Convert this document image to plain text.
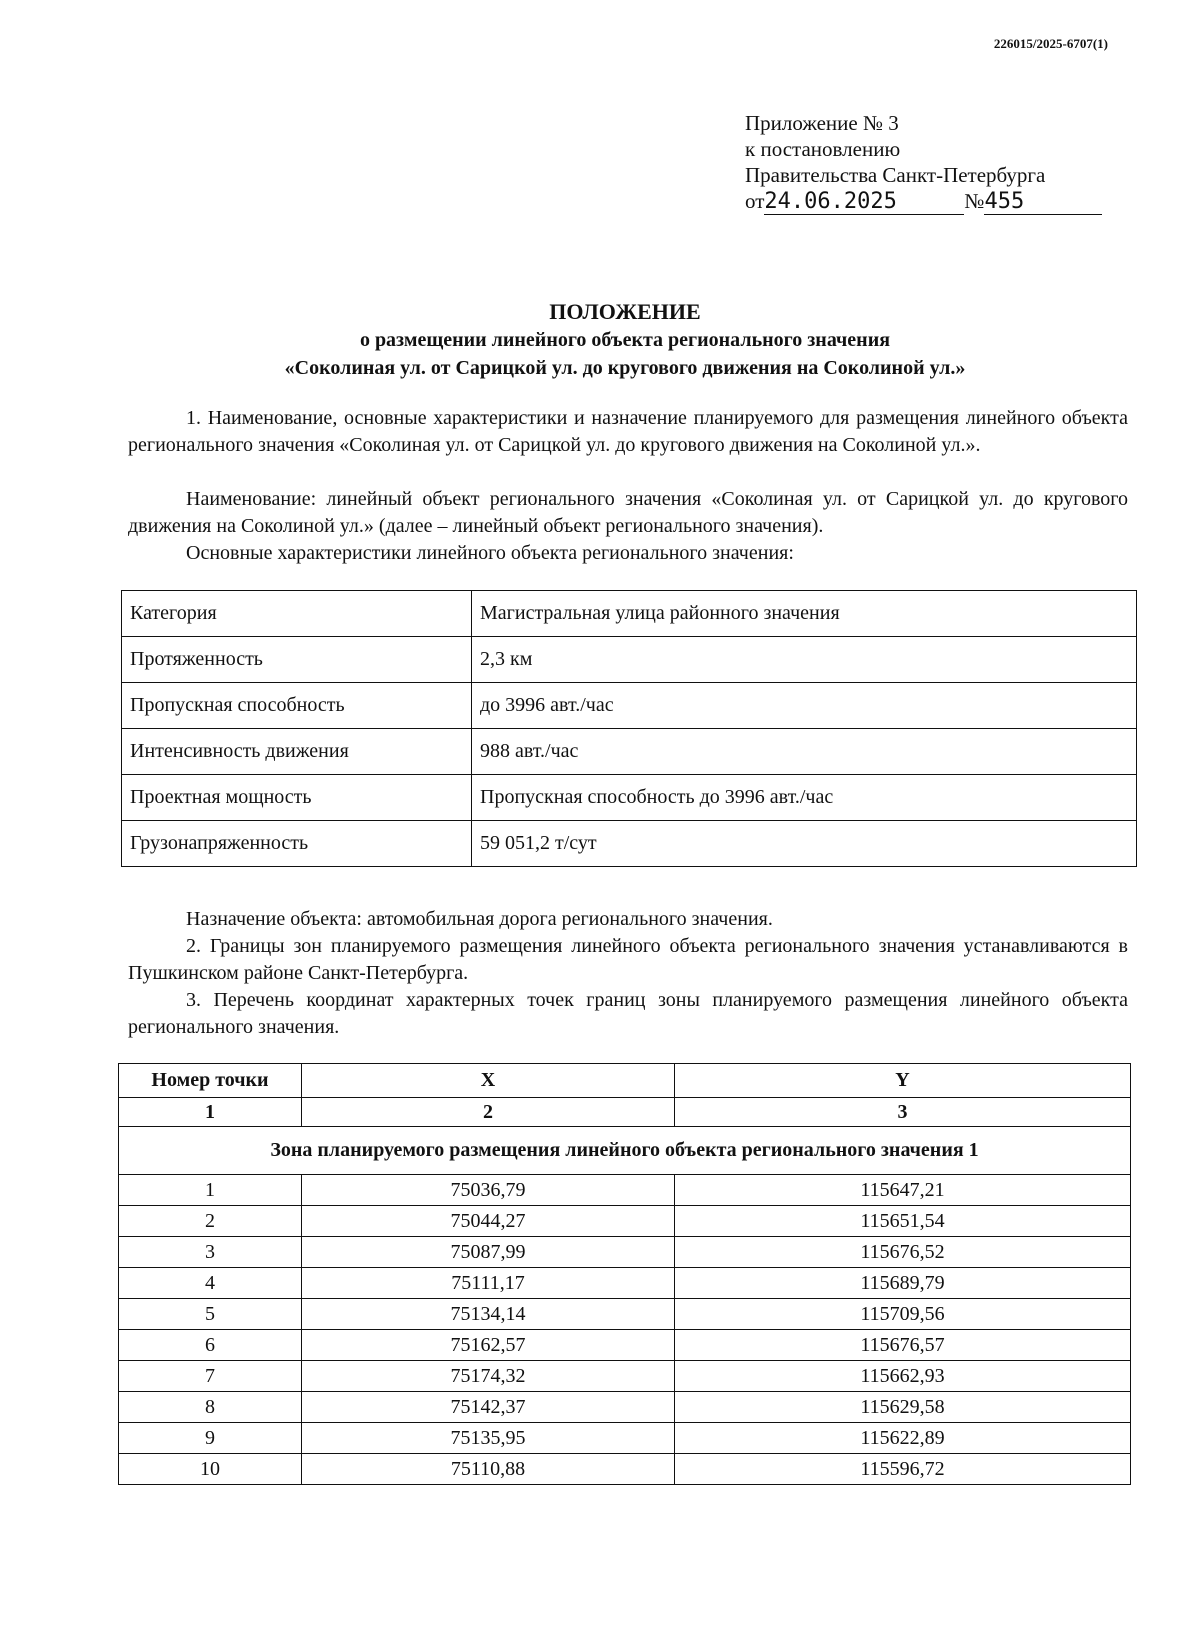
226015/2025-6707(1)
Приложение № 3
к постановлению
Правительства Санкт-Петербурга
от24.06.2025	№455
ПОЛОЖЕНИЕ
о размещении линейного объекта регионального значения
«Соколиная ул. от Сарицкой ул. до кругового движения на Соколиной ул.»
1. Наименование, основные характеристики и назначение планируемого для размещения линейного объекта регионального значения «Соколиная ул. от Сарицкой ул. до кругового движения на Соколиной ул.».
Наименование: линейный объект регионального значения «Соколиная ул. от Сарицкой ул. до кругового движения на Соколиной ул.» (далее – линейный объект регионального значения).
Основные характеристики линейного объекта регионального значения:
Категория	Магистральная улица районного значения
Протяженность	2,3 км
Пропускная способность	до 3996 авт./час
Интенсивность движения	988 авт./час
Проектная мощность	Пропускная способность до 3996 авт./час
Грузонапряженность	59 051,2 т/сут
Назначение объекта: автомобильная дорога регионального значения.
2. Границы зон планируемого размещения линейного объекта регионального значения устанавливаются в Пушкинском районе Санкт-Петербурга.
3. Перечень координат характерных точек границ зоны планируемого размещения линейного объекта регионального значения.
Номер точки	X	Y
1	2	3
Зона планируемого размещения линейного объекта регионального значения 1		
1	75036,79	115647,21
2	75044,27	115651,54
3	75087,99	115676,52
4	75111,17	115689,79
5	75134,14	115709,56
6	75162,57	115676,57
7	75174,32	115662,93
8	75142,37	115629,58
9	75135,95	115622,89
10	75110,88	115596,72
